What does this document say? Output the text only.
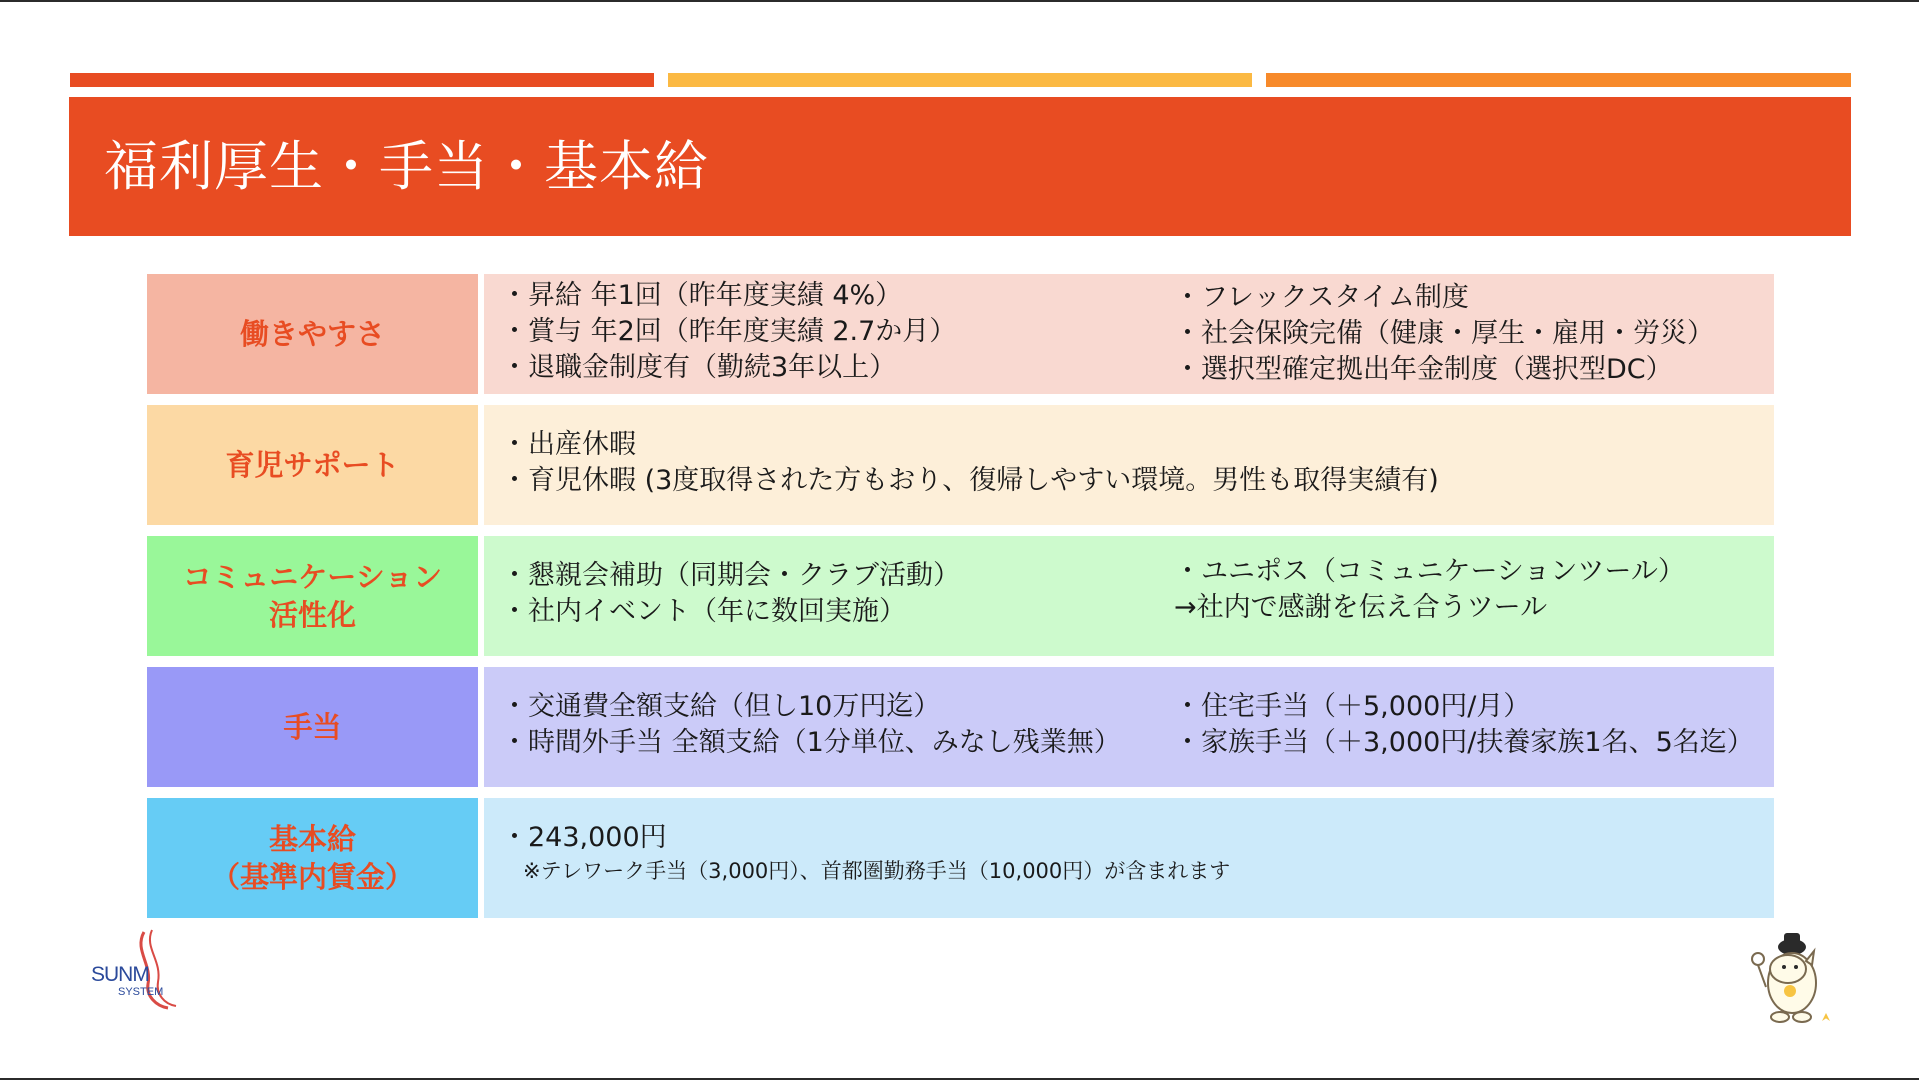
福利厚生・手当・基本給
働きやすさ
・昇給 年1回（昨年度実績 4%）
・賞与 年2回（昨年度実績 2.7か月）
・退職金制度有（勤続3年以上）
・フレックスタイム制度
・社会保険完備（健康・厚生・雇用・労災）
・選択型確定拠出年金制度（選択型DC）
育児サポート
・出産休暇
・育児休暇 (3度取得された方もおり、復帰しやすい環境。男性も取得実績有)
コミュニケーション
活性化
・懇親会補助（同期会・クラブ活動）
・社内イベント（年に数回実施）
・ユニポス（コミュニケーションツール）
→社内で感謝を伝え合うツール
手当
・交通費全額支給（但し10万円迄）
・時間外手当 全額支給（1分単位、みなし残業無）
・住宅手当（＋5,000円/月）
・家族手当（＋3,000円/扶養家族1名、5名迄）
基本給
（基準内賃金）
・243,000円
※テレワーク手当（3,000円）、首都圏勤務手当（10,000円）が含まれます
SUNM
SYSTEM
